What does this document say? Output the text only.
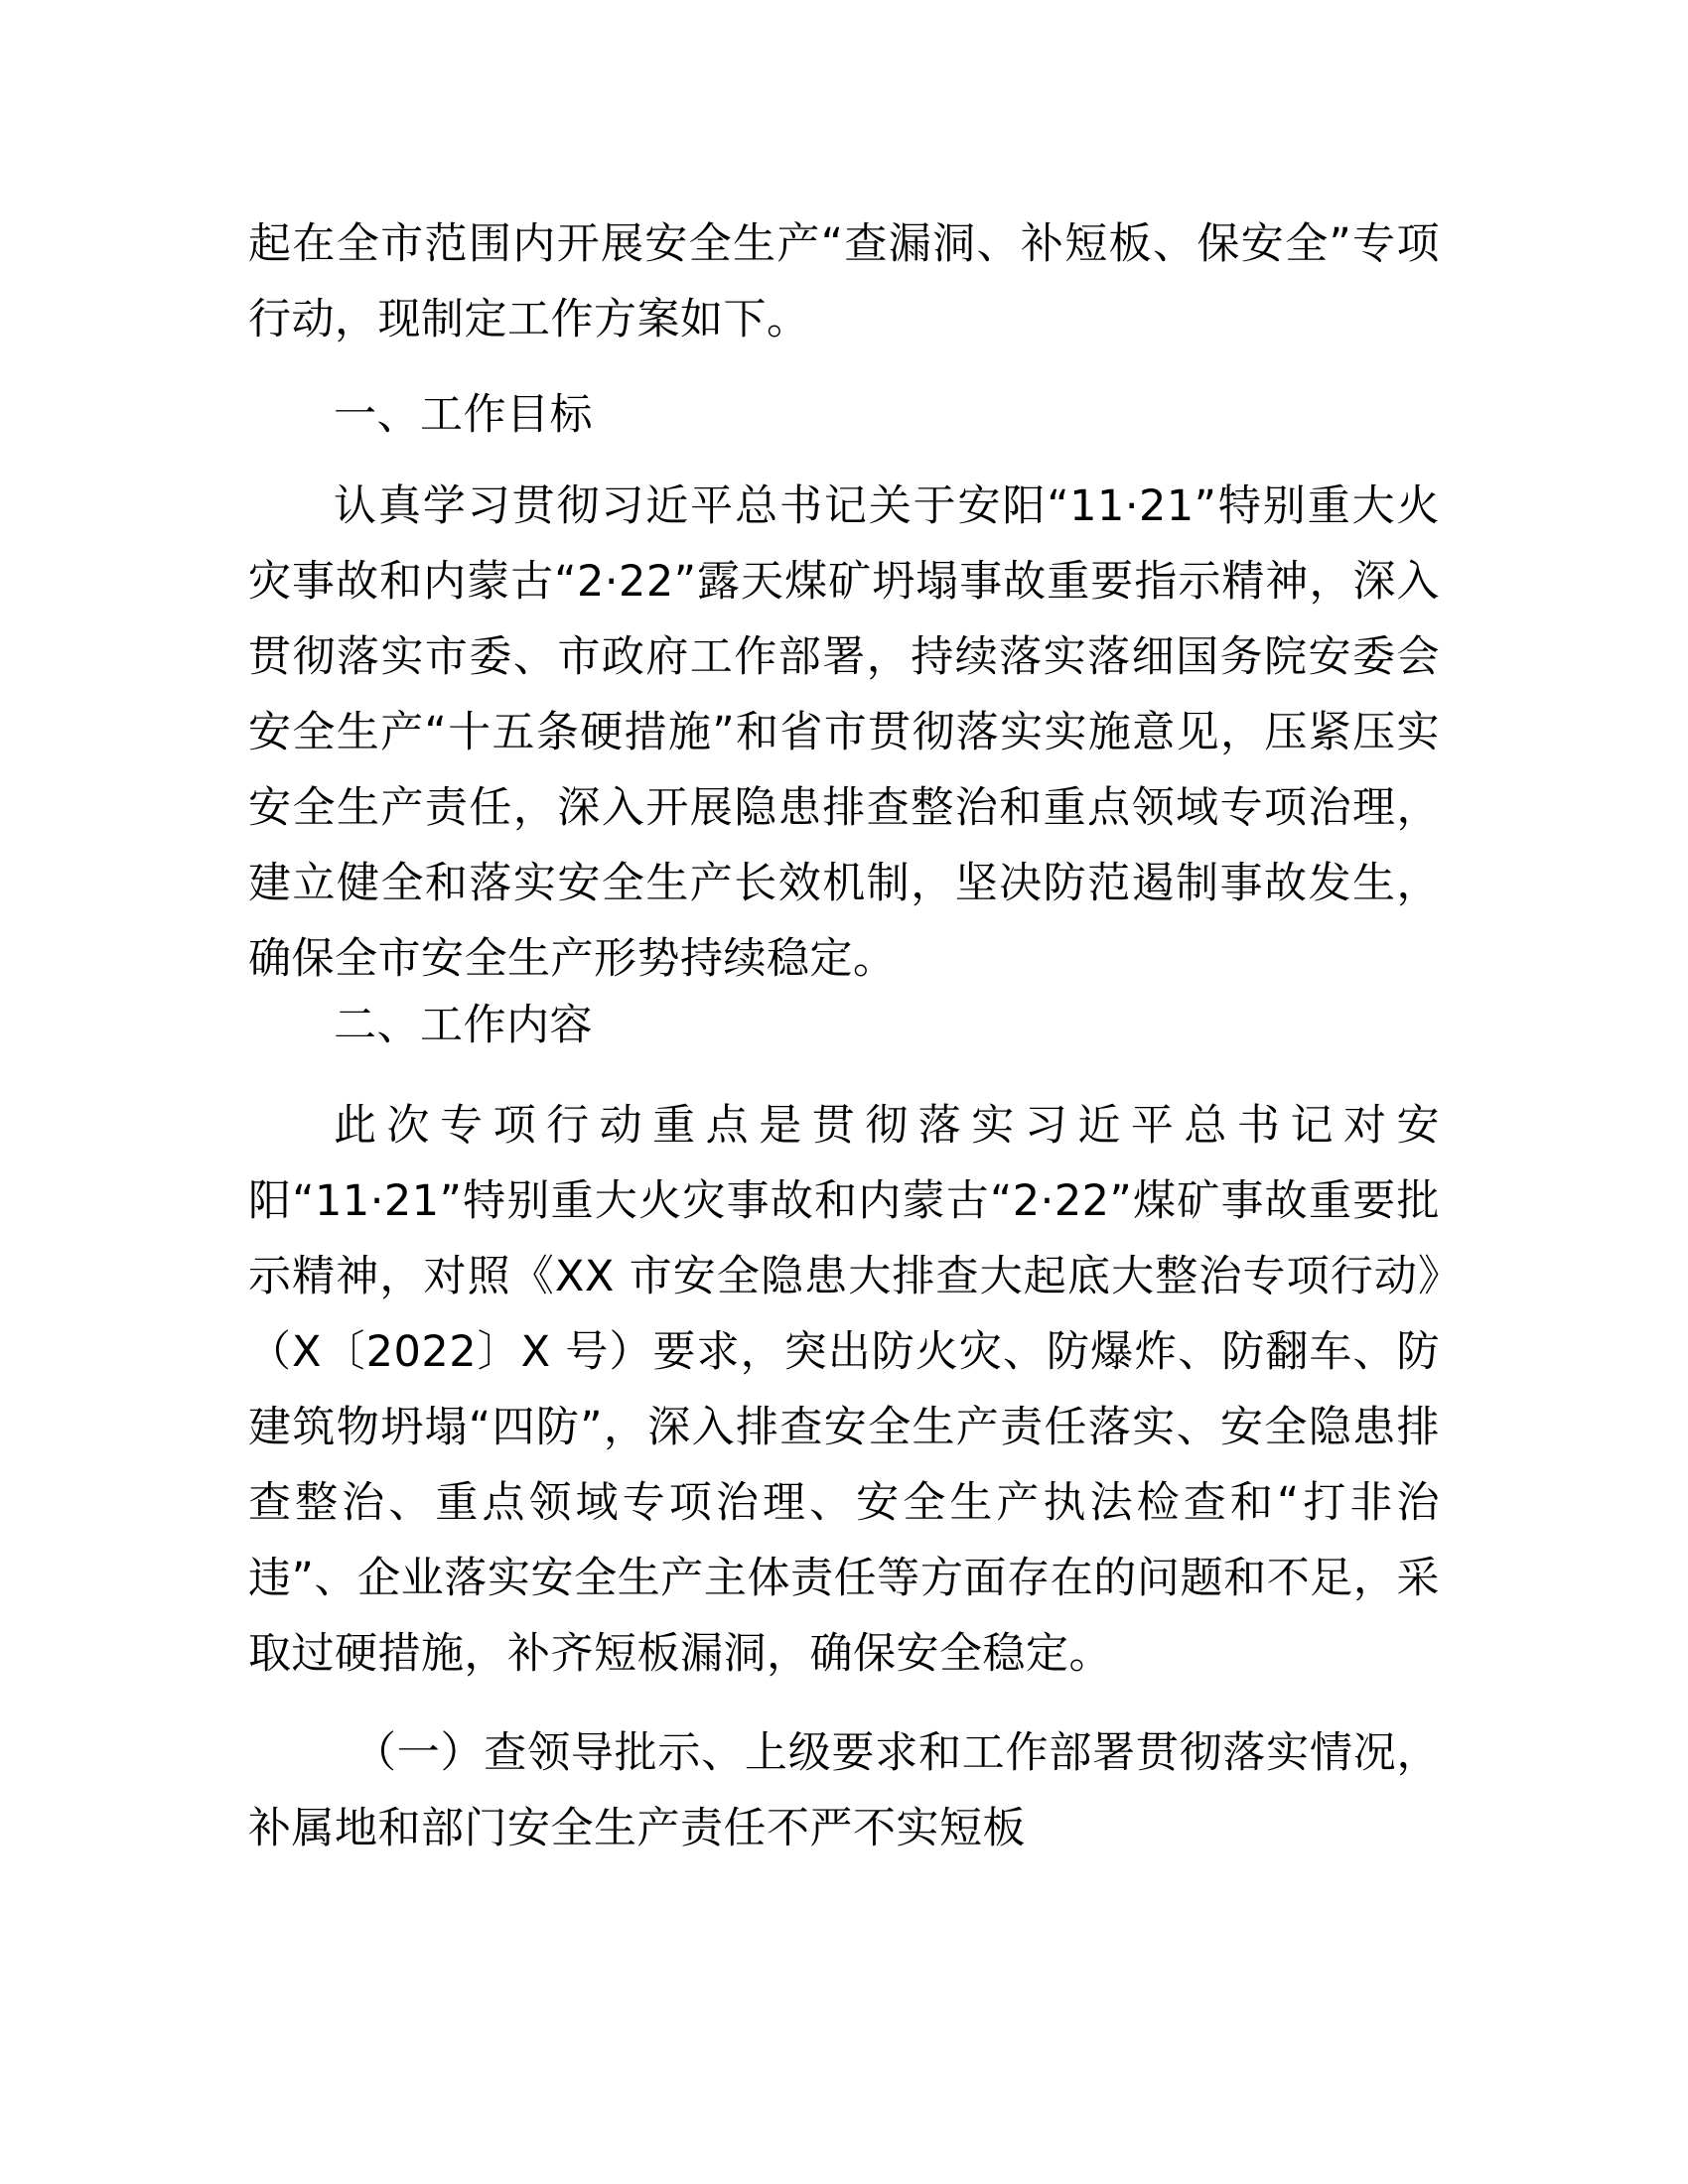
起在全市范围内开展安全生产“查漏洞、补短板、保安全”专项行动，现制定工作方案如下。

一、工作目标

认真学习贯彻习近平总书记关于安阳“11·21”特别重大火灾事故和内蒙古“2·22”露天煤矿坍塌事故重要指示精神，深入贯彻落实市委、市政府工作部署，持续落实落细国务院安委会安全生产“十五条硬措施”和省市贯彻落实实施意见，压紧压实安全生产责任，深入开展隐患排查整治和重点领域专项治理，建立健全和落实安全生产长效机制，坚决防范遏制事故发生，确保全市安全生产形势持续稳定。

二、工作内容

此次专项行动重点是贯彻落实习近平总书记对安阳“11·21”特别重大火灾事故和内蒙古“2·22”煤矿事故重要批示精神，对照《XX 市安全隐患大排查大起底大整治专项行动》（X〔2022〕X 号）要求，突出防火灾、防爆炸、防翻车、防建筑物坍塌“四防”，深入排查安全生产责任落实、安全隐患排查整治、重点领域专项治理、安全生产执法检查和“打非治违”、企业落实安全生产主体责任等方面存在的问题和不足，采取过硬措施，补齐短板漏洞，确保安全稳定。

（一）查领导批示、上级要求和工作部署贯彻落实情况，补属地和部门安全生产责任不严不实短板
